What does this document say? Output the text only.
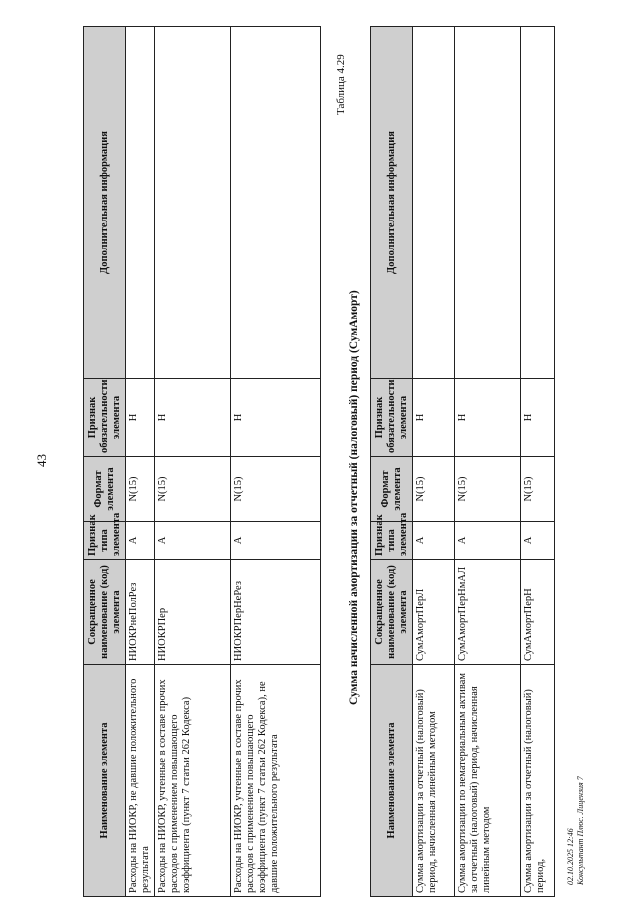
43
Наименование элемента	Сокращенное наименование (код) элемента	Признак типа элемента	Формат элемента	Признак обязательности элемента	Дополнительная информация
Расходы на НИОКР, не давшие положительного результата	НИОКРнеПолРез	А	N(15)	Н	
Расходы на НИОКР, учтенные в составе прочих расходов с применением повышающего коэффициента (пункт 7 статьи 262 Кодекса)	НИОКРПер	А	N(15)	Н	
Расходы на НИОКР, учтенные в составе прочих расходов с применением повышающего коэффициента (пункт 7 статьи 262 Кодекса), не давшие положительного результата	НИОКРПерНеРез	А	N(15)	Н	
Таблица 4.29
Сумма начисленной амортизации за отчетный (налоговый) период (СумАморт)
Наименование элемента	Сокращенное наименование (код) элемента	Признак типа элемента	Формат элемента	Признак обязательности элемента	Дополнительная информация
Сумма амортизации за отчетный (налоговый) период, начисленная линейным методом	СумАмортПерЛ	А	N(15)	Н	
Сумма амортизации по нематериальным активам за отчетный (налоговый) период, начисленная линейным методом	СумАмортПерНмАЛ	А	N(15)	Н	
Сумма амортизации за отчетный (налоговый) период,	СумАмортПерН	А	N(15)	Н	
02.10.2025 12:46 Консультант Плюс. Лицензия 7
